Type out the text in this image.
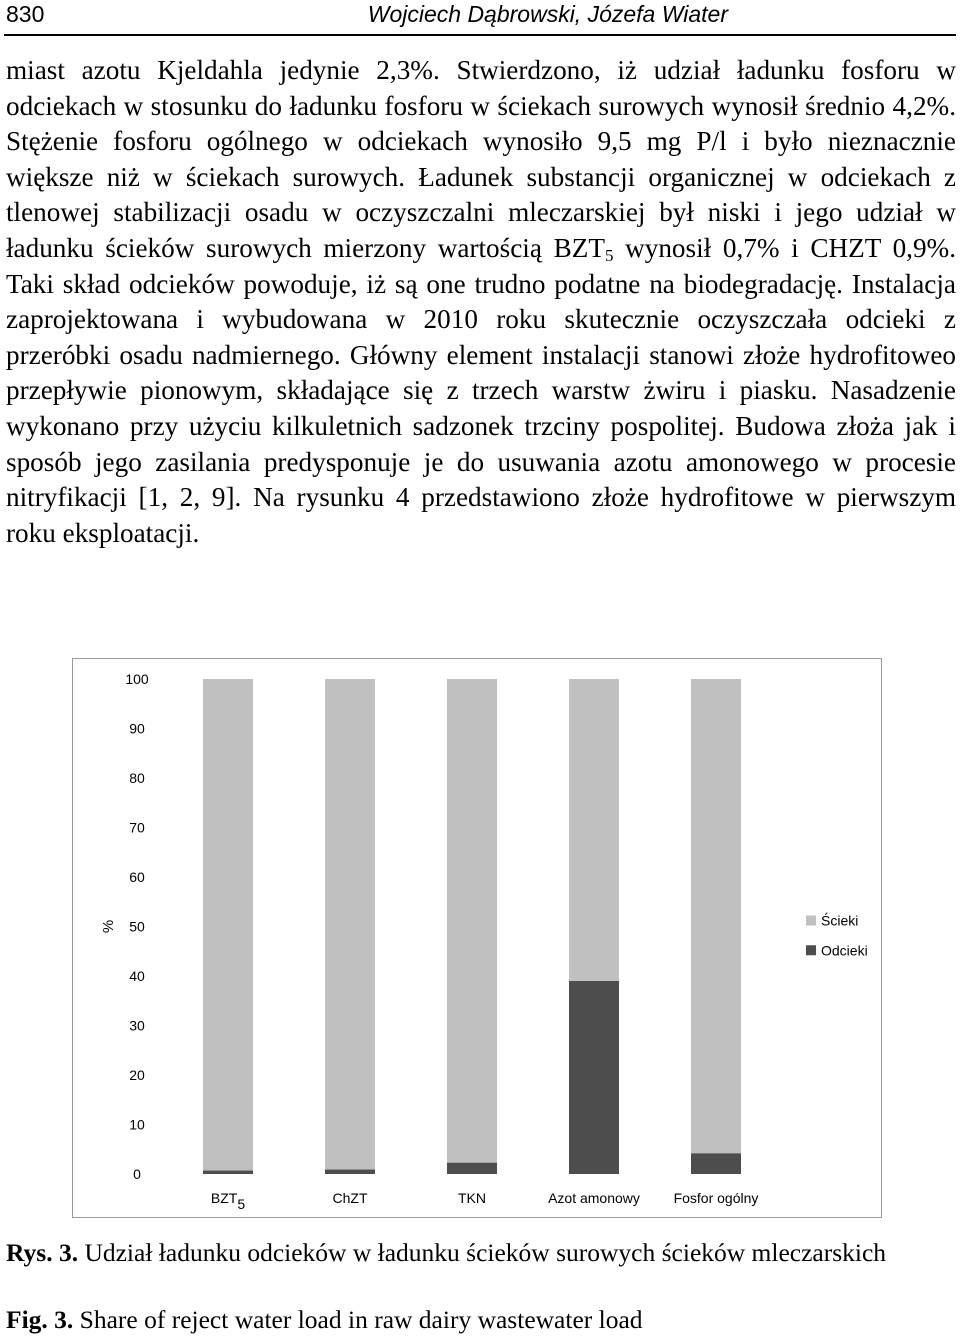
830	Wojciech Dąbrowski, Józefa Wiater
miast azotu Kjeldahla jedynie 2,3%. Stwierdzono, iż udział ładunku fosforu w odciekach w stosunku do ładunku fosforu w ściekach surowych wynosił średnio 4,2%. Stężenie fosforu ogólnego w odciekach wynosiło 9,5 mg P/l i było nieznacznie większe niż w ściekach surowych. Ładunek substancji organicznej w odciekach z tlenowej stabilizacji osadu w oczyszczalni mleczarskiej był niski i jego udział w ładunku ścieków surowych mierzony wartością $BZT_5$ wynosił 0,7% i CHZT 0,9%. Taki skład odcieków powoduje, iż są one trudno podatne na biodegradację. Instalacja zaprojektowana i wybudowana w 2010 roku skutecznie oczyszczała odcieki z przeróbki osadu nadmiernego. Główny element instalacji stanowi złoże hydrofitoweo przepływie pionowym, składające się z trzech warstw żwiru i piasku. Nasadzenie wykonano przy użyciu kilkuletnich sadzonek trzciny pospolitej. Budowa złoża jak i sposób jego zasilania predysponuje je do usuwania azotu amonowego w procesie nitryfikacji [1, 2, 9]. Na rysunku 4 przedstawiono złoże hydrofitowe w pierwszym roku eksploatacji.
0
10
20
30
40
50
60
70
80
90
100
%
BZT5	ChZT	TKN	Azot amonowy Fosfor ogólny
Ścieki
Odcieki
Rys. 3. Udział ładunku odcieków w ładunku ścieków surowych ścieków mleczarskich
Fig. 3. Share of reject water load in raw dairy wastewater load
